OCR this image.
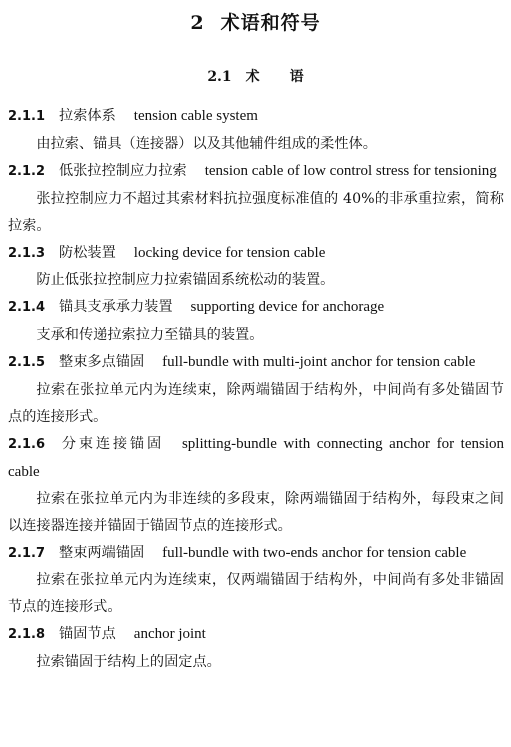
2 术语和符号
2.1 术 语
2.1.1 拉索体系 tension cable system
由拉索、锚具（连接器）以及其他辅件组成的柔性体。
2.1.2 低张拉控制应力拉索 tension cable of low control stress for tensioning
张拉控制应力不超过其索材料抗拉强度标准值的 40%的非承重拉索，简称拉索。
2.1.3 防松装置 locking device for tension cable
防止低张拉控制应力拉索锚固系统松动的装置。
2.1.4 锚具支承承力装置 supporting device for anchorage
支承和传递拉索拉力至锚具的装置。
2.1.5 整束多点锚固 full-bundle with multi-joint anchor for tension cable
拉索在张拉单元内为连续束，除两端锚固于结构外，中间尚有多处锚固节点的连接形式。
2.1.6 分束连接锚固 splitting-bundle with connecting anchor for tension cable
拉索在张拉单元内为非连续的多段束，除两端锚固于结构外，每段束之间以连接器连接并锚固于锚固节点的连接形式。
2.1.7 整束两端锚固 full-bundle with two-ends anchor for tension cable
拉索在张拉单元内为连续束，仅两端锚固于结构外，中间尚有多处非锚固节点的连接形式。
2.1.8 锚固节点 anchor joint
拉索锚固于结构上的固定点。
